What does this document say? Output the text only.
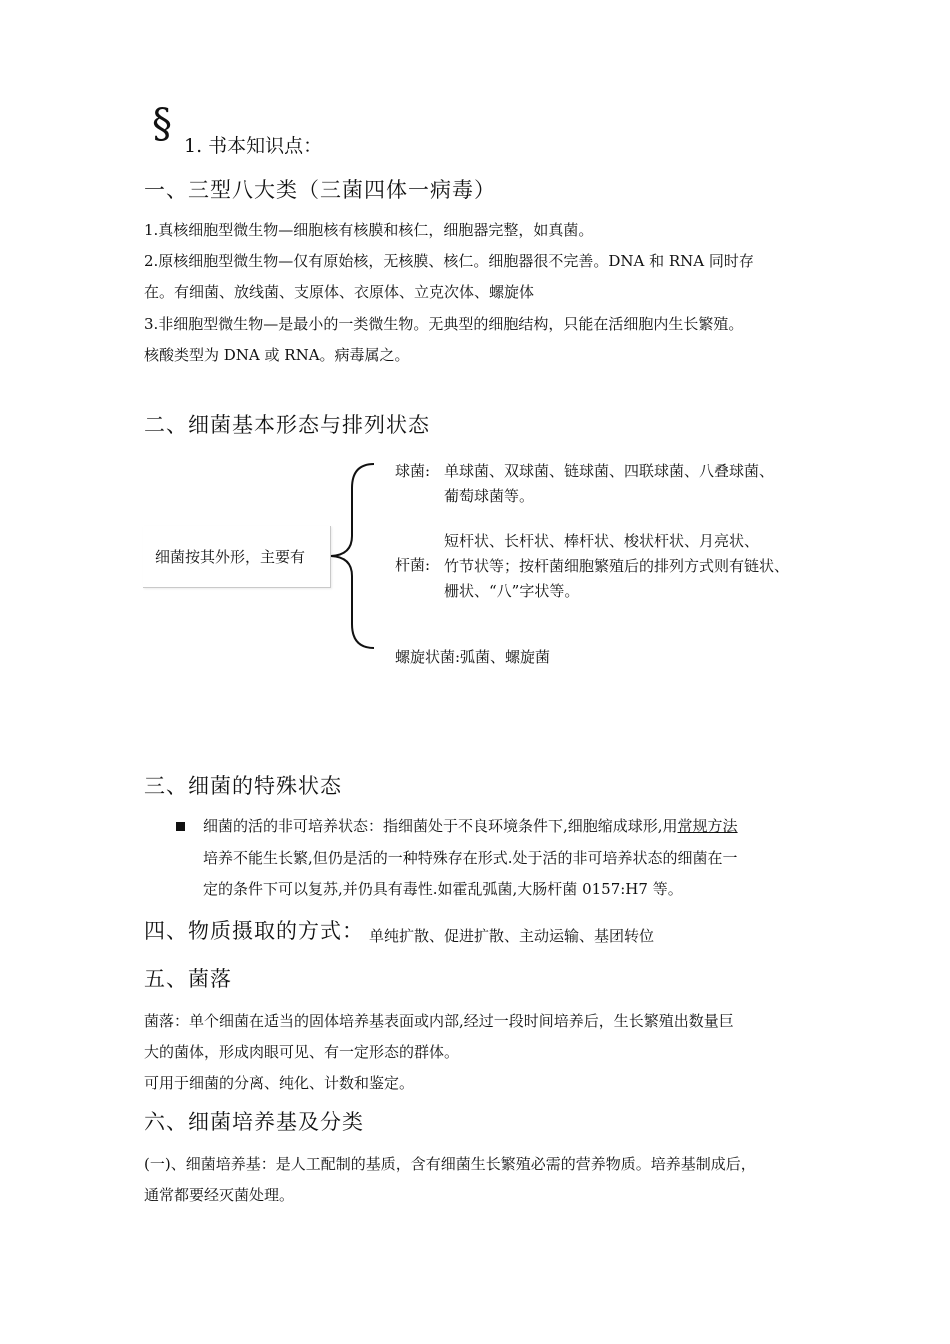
§ 1. 书本知识点：
一、三型八大类（三菌四体一病毒）
1.真核细胞型微生物—细胞核有核膜和核仁，细胞器完整，如真菌。
2.原核细胞型微生物—仅有原始核，无核膜、核仁。细胞器很不完善。DNA 和 RNA 同时存
在。有细菌、放线菌、支原体、衣原体、立克次体、螺旋体
3.非细胞型微生物—是最小的一类微生物。无典型的细胞结构，只能在活细胞内生长繁殖。
核酸类型为 DNA 或 RNA。病毒属之。
二、细菌基本形态与排列状态
细菌按其外形，主要有
球菌: 单球菌、双球菌、链球菌、四联球菌、八叠球菌、
葡萄球菌等。
杆菌:
短杆状、长杆状、棒杆状、梭状杆状、月亮状、
竹节状等；按杆菌细胞繁殖后的排列方式则有链状、
栅状、“八”字状等。
螺旋状菌:弧菌、螺旋菌
三、细菌的特殊状态
细菌的活的非可培养状态：指细菌处于不良环境条件下,细胞缩成球形,用常规方法
培养不能生长繁,但仍是活的一种特殊存在形式.处于活的非可培养状态的细菌在一
定的条件下可以复苏,并仍具有毒性.如霍乱弧菌,大肠杆菌 0157:H7 等。
四、物质摄取的方式： 单纯扩散、促进扩散、主动运输、基团转位
五、菌落
菌落：单个细菌在适当的固体培养基表面或内部,经过一段时间培养后，生长繁殖出数量巨
大的菌体，形成肉眼可见、有一定形态的群体。
可用于细菌的分离、纯化、计数和鉴定。
六、细菌培养基及分类
(一)、细菌培养基：是人工配制的基质，含有细菌生长繁殖必需的营养物质。培养基制成后，
通常都要经灭菌处理。
